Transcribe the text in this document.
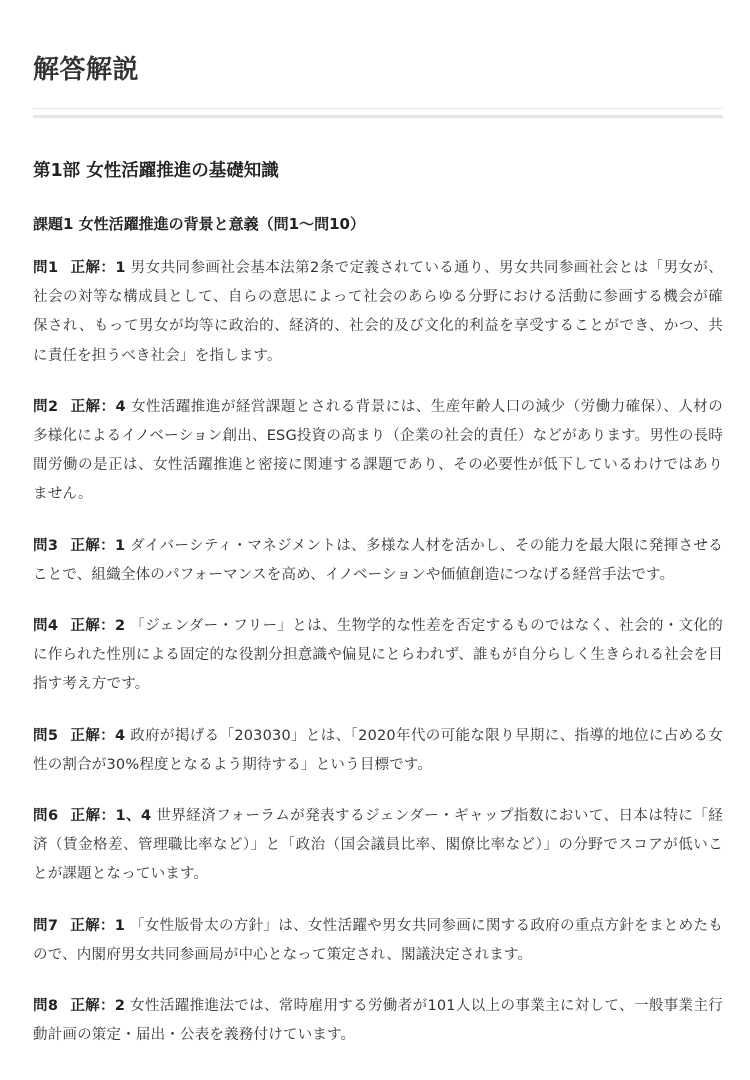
解答解説
第1部 女性活躍推進の基礎知識
課題1 女性活躍推進の背景と意義（問1～問10）

問1 正解：1 男女共同参画社会基本法第2条で定義されている通り、男女共同参画社会とは「男女が、社会の対等な構成員として、自らの意思によって社会のあらゆる分野における活動に参画する機会が確保され、もって男女が均等に政治的、経済的、社会的及び文化的利益を享受することができ、かつ、共に責任を担うべき社会」を指します。

問2 正解：4 女性活躍推進が経営課題とされる背景には、生産年齢人口の減少（労働力確保）、人材の多様化によるイノベーション創出、ESG投資の高まり（企業の社会的責任）などがあります。男性の長時間労働の是正は、女性活躍推進と密接に関連する課題であり、その必要性が低下しているわけではありません。

問3 正解：1 ダイバーシティ・マネジメントは、多様な人材を活かし、その能力を最大限に発揮させることで、組織全体のパフォーマンスを高め、イノベーションや価値創造につなげる経営手法です。

問4 正解：2 「ジェンダー・フリー」とは、生物学的な性差を否定するものではなく、社会的・文化的に作られた性別による固定的な役割分担意識や偏見にとらわれず、誰もが自分らしく生きられる社会を目指す考え方です。

問5 正解：4 政府が掲げる「203030」とは、「2020年代の可能な限り早期に、指導的地位に占める女性の割合が30%程度となるよう期待する」という目標です。

問6 正解：1、4 世界経済フォーラムが発表するジェンダー・ギャップ指数において、日本は特に「経済（賃金格差、管理職比率など）」と「政治（国会議員比率、閣僚比率など）」の分野でスコアが低いことが課題となっています。

問7 正解：1 「女性版骨太の方針」は、女性活躍や男女共同参画に関する政府の重点方針をまとめたもので、内閣府男女共同参画局が中心となって策定され、閣議決定されます。

問8 正解：2 女性活躍推進法では、常時雇用する労働者が101人以上の事業主に対して、一般事業主行動計画の策定・届出・公表を義務付けています。
